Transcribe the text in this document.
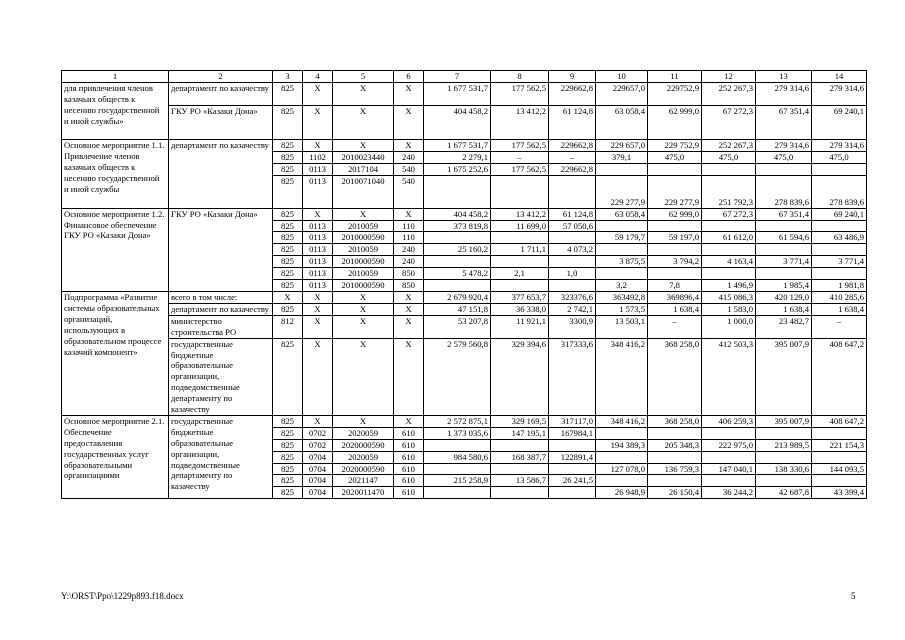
1	2	3	4	5	6	7	8	9	10	11	12	13	14
для привлечения членов казачьих обществ к несению государственной и иной службы»	департамент по казачеству	825	Х	Х	Х	1 677 531,7	177 562,5	229662,8	229657,0	229752,9	252 267,3	279 314,6	279 314,6
	ГКУ РО «Казаки Дона»	825	Х	Х	Х	404 458,2	13 412,2	61 124,8	63 058,4	62 999,0	67 272,3	67 351,4	69 240,1
Основное мероприятие 1.1. Привлечение членов казачьих обществ к несению государственной и иной службы	департамент по казачеству	825	Х	Х	Х	1 677 531,7	177 562,5	229662,8	229 657,0	229 752,9	252 267,3	279 314,6	279 314,6
		825	1102	2010023440	240	2 279,1	–	–	379,1	475,0	475,0	475,0	475,0
		825	0113	2017104	540	1 675 252,6	177 562,5	229662,8					
		825	0113	2010071040	540				229 277,9	229 277,9	251 792,3	278 839,6	278 839,6
Основное мероприятие 1.2. Финансовое обеспечение ГКУ РО «Казаки Дона»	ГКУ РО «Казаки Дона»	825	Х	Х	Х	404 458,2	13 412,2	61 124,8	63 058,4	62 999,0	67 272,3	67 351,4	69 240,1
		825	0113	2010059	110	373 819,8	11 699,0	57 050,6					
		825	0113	2010000590	110				59 179,7	59 197,0	61 612,0	61 594,6	63 486,9
		825	0113	2010059	240	25 160,2	1 711,1	4 073,2					
		825	0113	2010000590	240				3 875,5	3 794,2	4 163,4	3 771,4	3 771,4
		825	0113	2010059	850	5 478,2	2,1	1,0					
		825	0113	2010000590	850				3,2	7,8	1 496,9	1 985,4	1 981,8
Подпрограмма «Развитие системы образовательных организаций, использующих в образовательном процессе казачий компонент»	всего в том числе:	Х	Х	Х	Х	2 679 920,4	377 653,7	323376,6	363492,8	369896,4	415 086,3	420 129,0	410 285,6
	департамент по казачеству	825	Х	Х	Х	47 151,8	36 338,0	2 742,1	1 573,5	1 638,4	1 583,0	1 638,4	1 638,4
	министерство строительства РО	812	Х	Х	Х	53 207,8	11 921,1	3300,9	13 503,1	–	1 000,0	23 482,7	–
	государственные бюджетные образовательные организации, подведомственные департаменту по казачеству	825	Х	Х	Х	2 579 560,8	329 394,6	317333,6	348 416,2	368 258,0	412 503,3	395 007,9	408 647,2
Основное мероприятие 2.1. Обеспечение предоставления государственных услуг образовательными организациями	государственные бюджетные образовательные организации, подведомственные департаменту по казачеству	825	Х	Х	Х	2 572 875,1	329 169,5	317117,0	348 416,2	368 258,0	406 259,3	395 007,9	408 647,2
		825	0702	2020059	610	1 373 035,6	147 195,1	167984,1					
		825	0702	2020000590	610				194 389,3	205 348,3	222 975,0	213 989,5	221 154,3
		825	0704	2020059	610	984 580,6	168 387,7	122891,4					
		825	0704	2020000590	610				127 078,0	136 759,3	147 040,1	138 330,6	144 093,5
		825	0704	2021147	610	215 258,9	13 586,7	26 241,5					
		825	0704	2020011470	610				26 948,9	26 150,4	36 244,2	42 687,8	43 399,4
Y:\ORST\Ppo\1229p893.f18.docx	5
